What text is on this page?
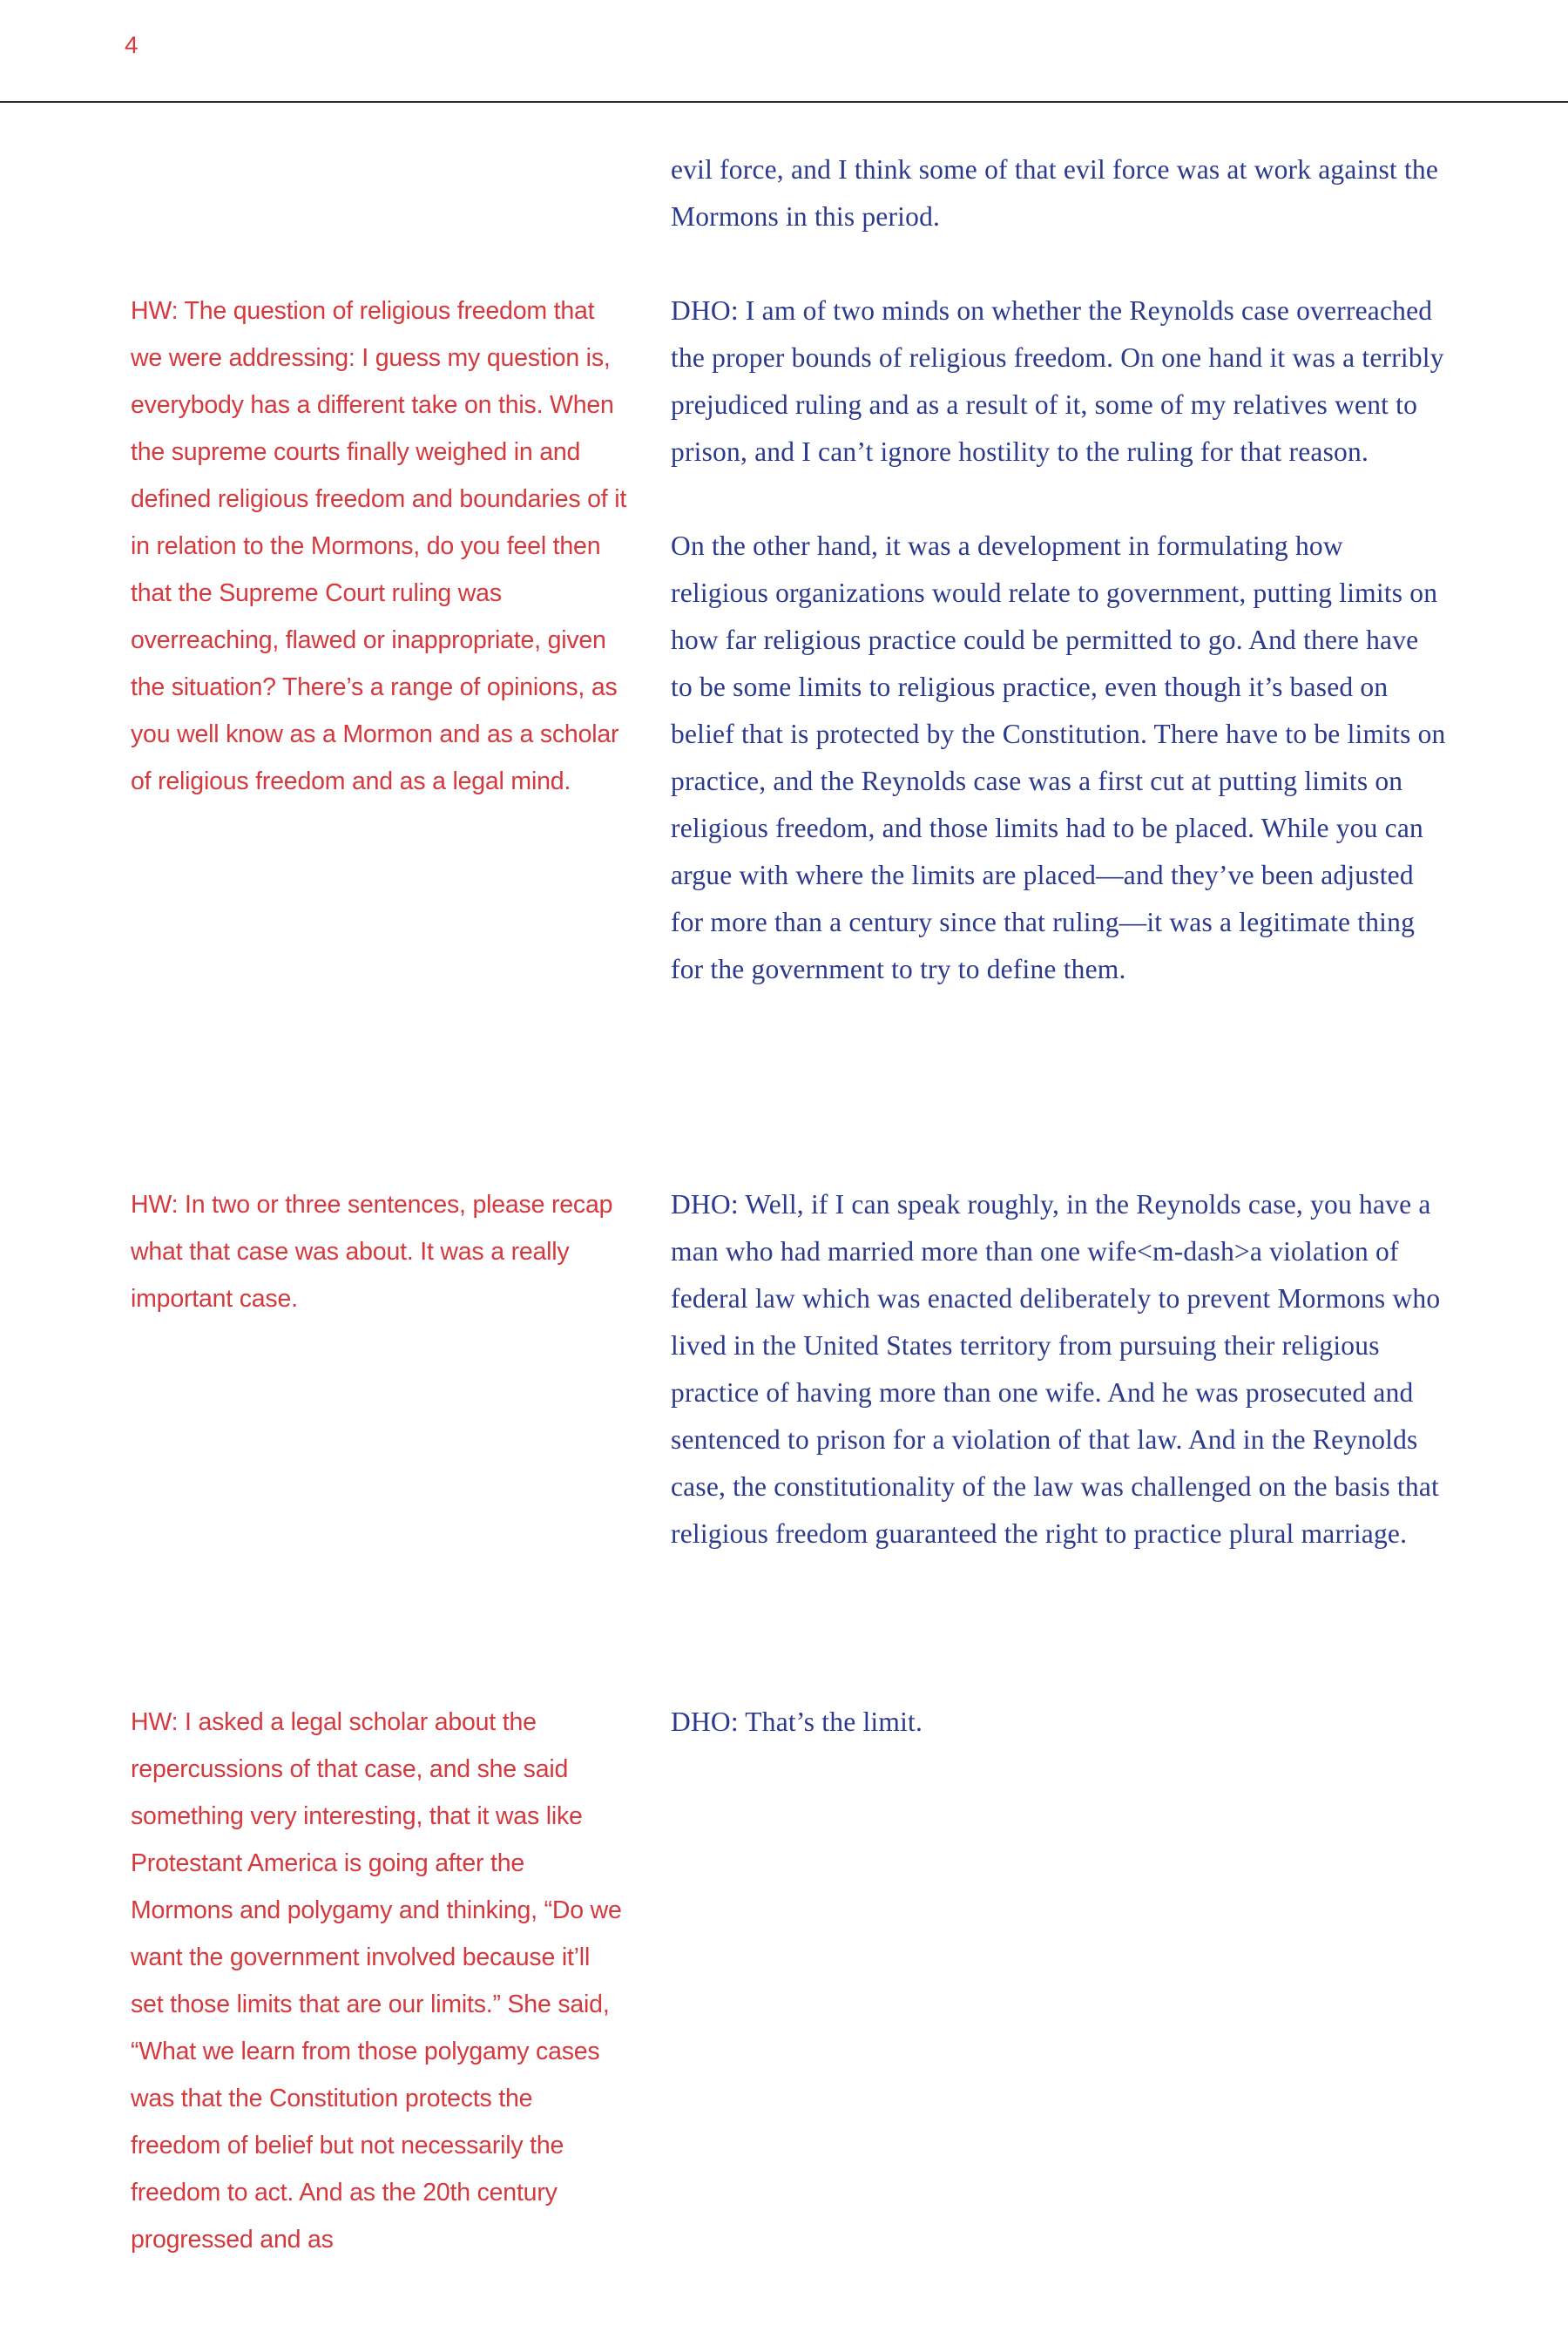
4

evil force, and I think some of that evil force was at work against the Mormons in this period.

HW: The question of religious freedom that we were addressing: I guess my question is, everybody has a different take on this. When the supreme courts finally weighed in and defined religious freedom and boundaries of it in relation to the Mormons, do you feel then that the Supreme Court ruling was overreaching, flawed or inappropriate, given the situation? There’s a range of opinions, as you well know as a Mormon and as a scholar of religious freedom and as a legal mind.

DHO: I am of two minds on whether the Reynolds case overreached the proper bounds of religious freedom. On one hand it was a terribly prejudiced ruling and as a result of it, some of my relatives went to prison, and I can’t ignore hostility to the ruling for that reason.

On the other hand, it was a development in formulating how religious organizations would relate to government, putting limits on how far religious practice could be permitted to go. And there have to be some limits to religious practice, even though it’s based on belief that is protected by the Constitution. There have to be limits on practice, and the Reynolds case was a first cut at putting limits on religious freedom, and those limits had to be placed. While you can argue with where the limits are placed—and they’ve been adjusted for more than a century since that ruling—it was a legitimate thing for the government to try to define them.

HW: In two or three sentences, please recap what that case was about. It was a really important case.

DHO: Well, if I can speak roughly, in the Reynolds case, you have a man who had married more than one wife<m-dash>a violation of federal law which was enacted deliberately to prevent Mormons who lived in the United States territory from pursuing their religious practice of having more than one wife. And he was prosecuted and sentenced to prison for a violation of that law. And in the Reynolds case, the constitutionality of the law was challenged on the basis that religious freedom guaranteed the right to practice plural marriage.

HW: I asked a legal scholar about the repercussions of that case, and she said something very interesting, that it was like Protestant America is going after the Mormons and polygamy and thinking, “Do we want the government involved because it’ll set those limits that are our limits.” She said, “What we learn from those polygamy cases was that the Constitution protects the freedom of belief but not necessarily the freedom to act. And as the 20th century progressed and as

DHO: That’s the limit.
